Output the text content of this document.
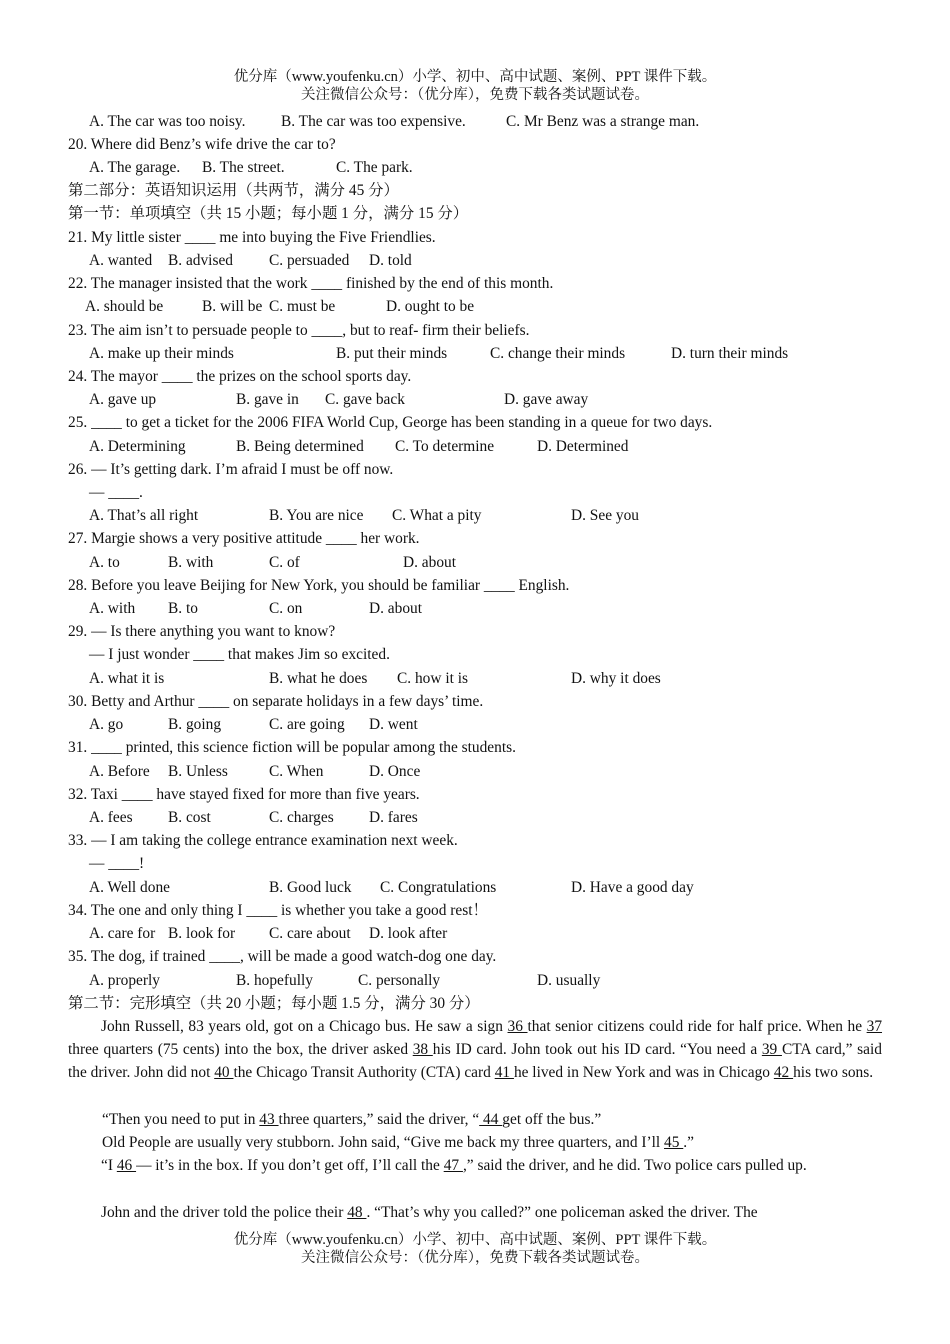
优分库（www.youfenku.cn）小学、初中、高中试题、案例、PPT 课件下载。
关注微信公众号：（优分库），免费下载各类试题试卷。
A. The car was too noisy. B. The car was too expensive.	C. Mr Benz was a strange man.
20. Where did Benz’s wife drive the car to?
A. The garage. B. The street.	C. The park.
第二部分：英语知识运用（共两节，满分 45 分）
第一节：单项填空（共 15 小题；每小题 1 分，满分 15 分）
21. My little sister ____ me into buying the Five Friendlies.
A. wanted B. advised C. persuaded D. told
22. The manager insisted that the work ____ finished by the end of this month.
A. should be	B. will be C. must be	D. ought to be
23. The aim isn’t to persuade people to ____, but to reaf- firm their beliefs.
A. make up their minds	B. put their minds	C. change their minds	D. turn their minds
24. The mayor ____ the prizes on the school sports day.
A. gave up	B. gave in C. gave back	D. gave away
25. ____ to get a ticket for the 2006 FIFA World Cup, George has been standing in a queue for two days.
A. Determining	B. Being determined C. To determine	D. Determined
26. — It’s getting dark. I’m afraid I must be off now.
— ____.
A. That’s all right	B. You are nice C. What a pity	D. See you
27. Margie shows a very positive attitude ____ her work.
A. to	B. with	C. of	D. about
28. Before you leave Beijing for New York, you should be familiar ____ English.
A. with B. to	C. on	D. about
29. — Is there anything you want to know?
— I just wonder ____ that makes Jim so excited.
A. what it is	B. what he does C. how it is	D. why it does
30. Betty and Arthur ____ on separate holidays in a few days’ time.
A. go	B. going	C. are going D. went
31. ____ printed, this science fiction will be popular among the students.
A. Before B. Unless	C. When	D. Once
32. Taxi ____ have stayed fixed for more than five years.
A. fees B. cost	C. charges D. fares
33. — I am taking the college entrance examination next week.
— ____!
A. Well done	B. Good luck C. Congratulations	D. Have a good day
34. The one and only thing I ____ is whether you take a good rest！
A. care for B. look for C. care about D. look after
35. The dog, if trained ____, will be made a good watch-dog one day.
A. properly	B. hopefully	C. personally	D. usually
第二节：完形填空（共 20 小题；每小题 1.5 分，满分 30 分）
John Russell, 83 years old, got on a Chicago bus. He saw a sign 36 that senior citizens could ride for half price. When he 37 three quarters (75 cents) into the box, the driver asked 38 his ID card. John took out his ID card. “You need a 39 CTA card,” said the driver. John did not 40 the Chicago Transit Authority (CTA) card 41 he lived in New York and was in Chicago 42 his two sons.
“Then you need to put in 43 three quarters,” said the driver, “ 44 get off the bus.”
Old People are usually very stubborn. John said, “Give me back my three quarters, and I’ll 45 .”
“I 46 — it’s in the box. If you don’t get off, I’ll call the 47 ,” said the driver, and he did. Two police cars pulled up.
John and the driver told the police their 48 . “That’s why you called?” one policeman asked the driver. The
优分库（www.youfenku.cn）小学、初中、高中试题、案例、PPT 课件下载。
关注微信公众号：（优分库），免费下载各类试题试卷。
